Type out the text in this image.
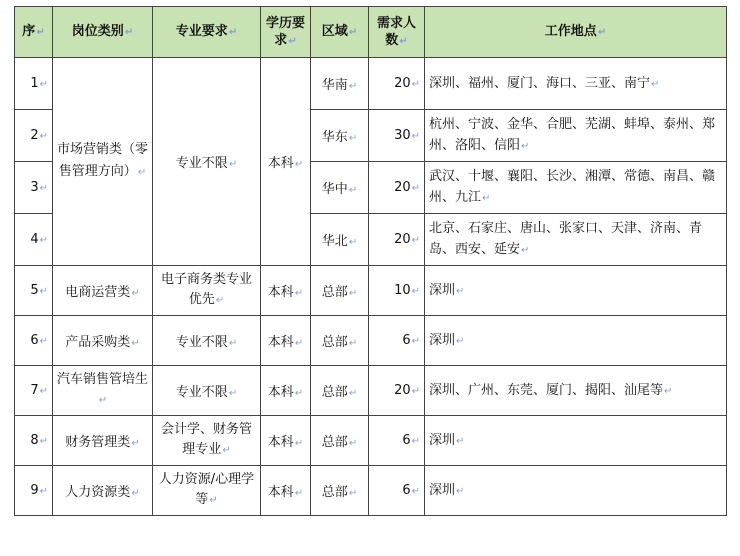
序↵	岗位类别↵	专业要求↵	学历要求↵	区域↵	需求人数↵	工作地点↵
1↵	市场营销类（零售管理方向）↵	专业不限↵	本科↵	华南↵	20↵	深圳、福州、厦门、海口、三亚、南宁↵
2↵				华东↵	30↵	杭州、宁波、金华、合肥、芜湖、蚌埠、泰州、郑州、洛阳、信阳↵
3↵				华中↵	20↵	武汉、十堰、襄阳、长沙、湘潭、常德、南昌、赣州、九江↵
4↵				华北↵	20↵	北京、石家庄、唐山、张家口、天津、济南、青岛、西安、延安↵
5↵	电商运营类↵	电子商务类专业优先↵	本科↵	总部↵	10↵	深圳↵
6↵	产品采购类↵	专业不限↵	本科↵	总部↵	6↵	深圳↵
7↵	汽车销售管培生↵	专业不限↵	本科↵	总部↵	20↵	深圳、广州、东莞、厦门、揭阳、汕尾等↵
8↵	财务管理类↵	会计学、财务管理专业↵	本科↵	总部↵	6↵	深圳↵
9↵	人力资源类↵	人力资源/心理学等↵	本科↵	总部↵	6↵	深圳↵
